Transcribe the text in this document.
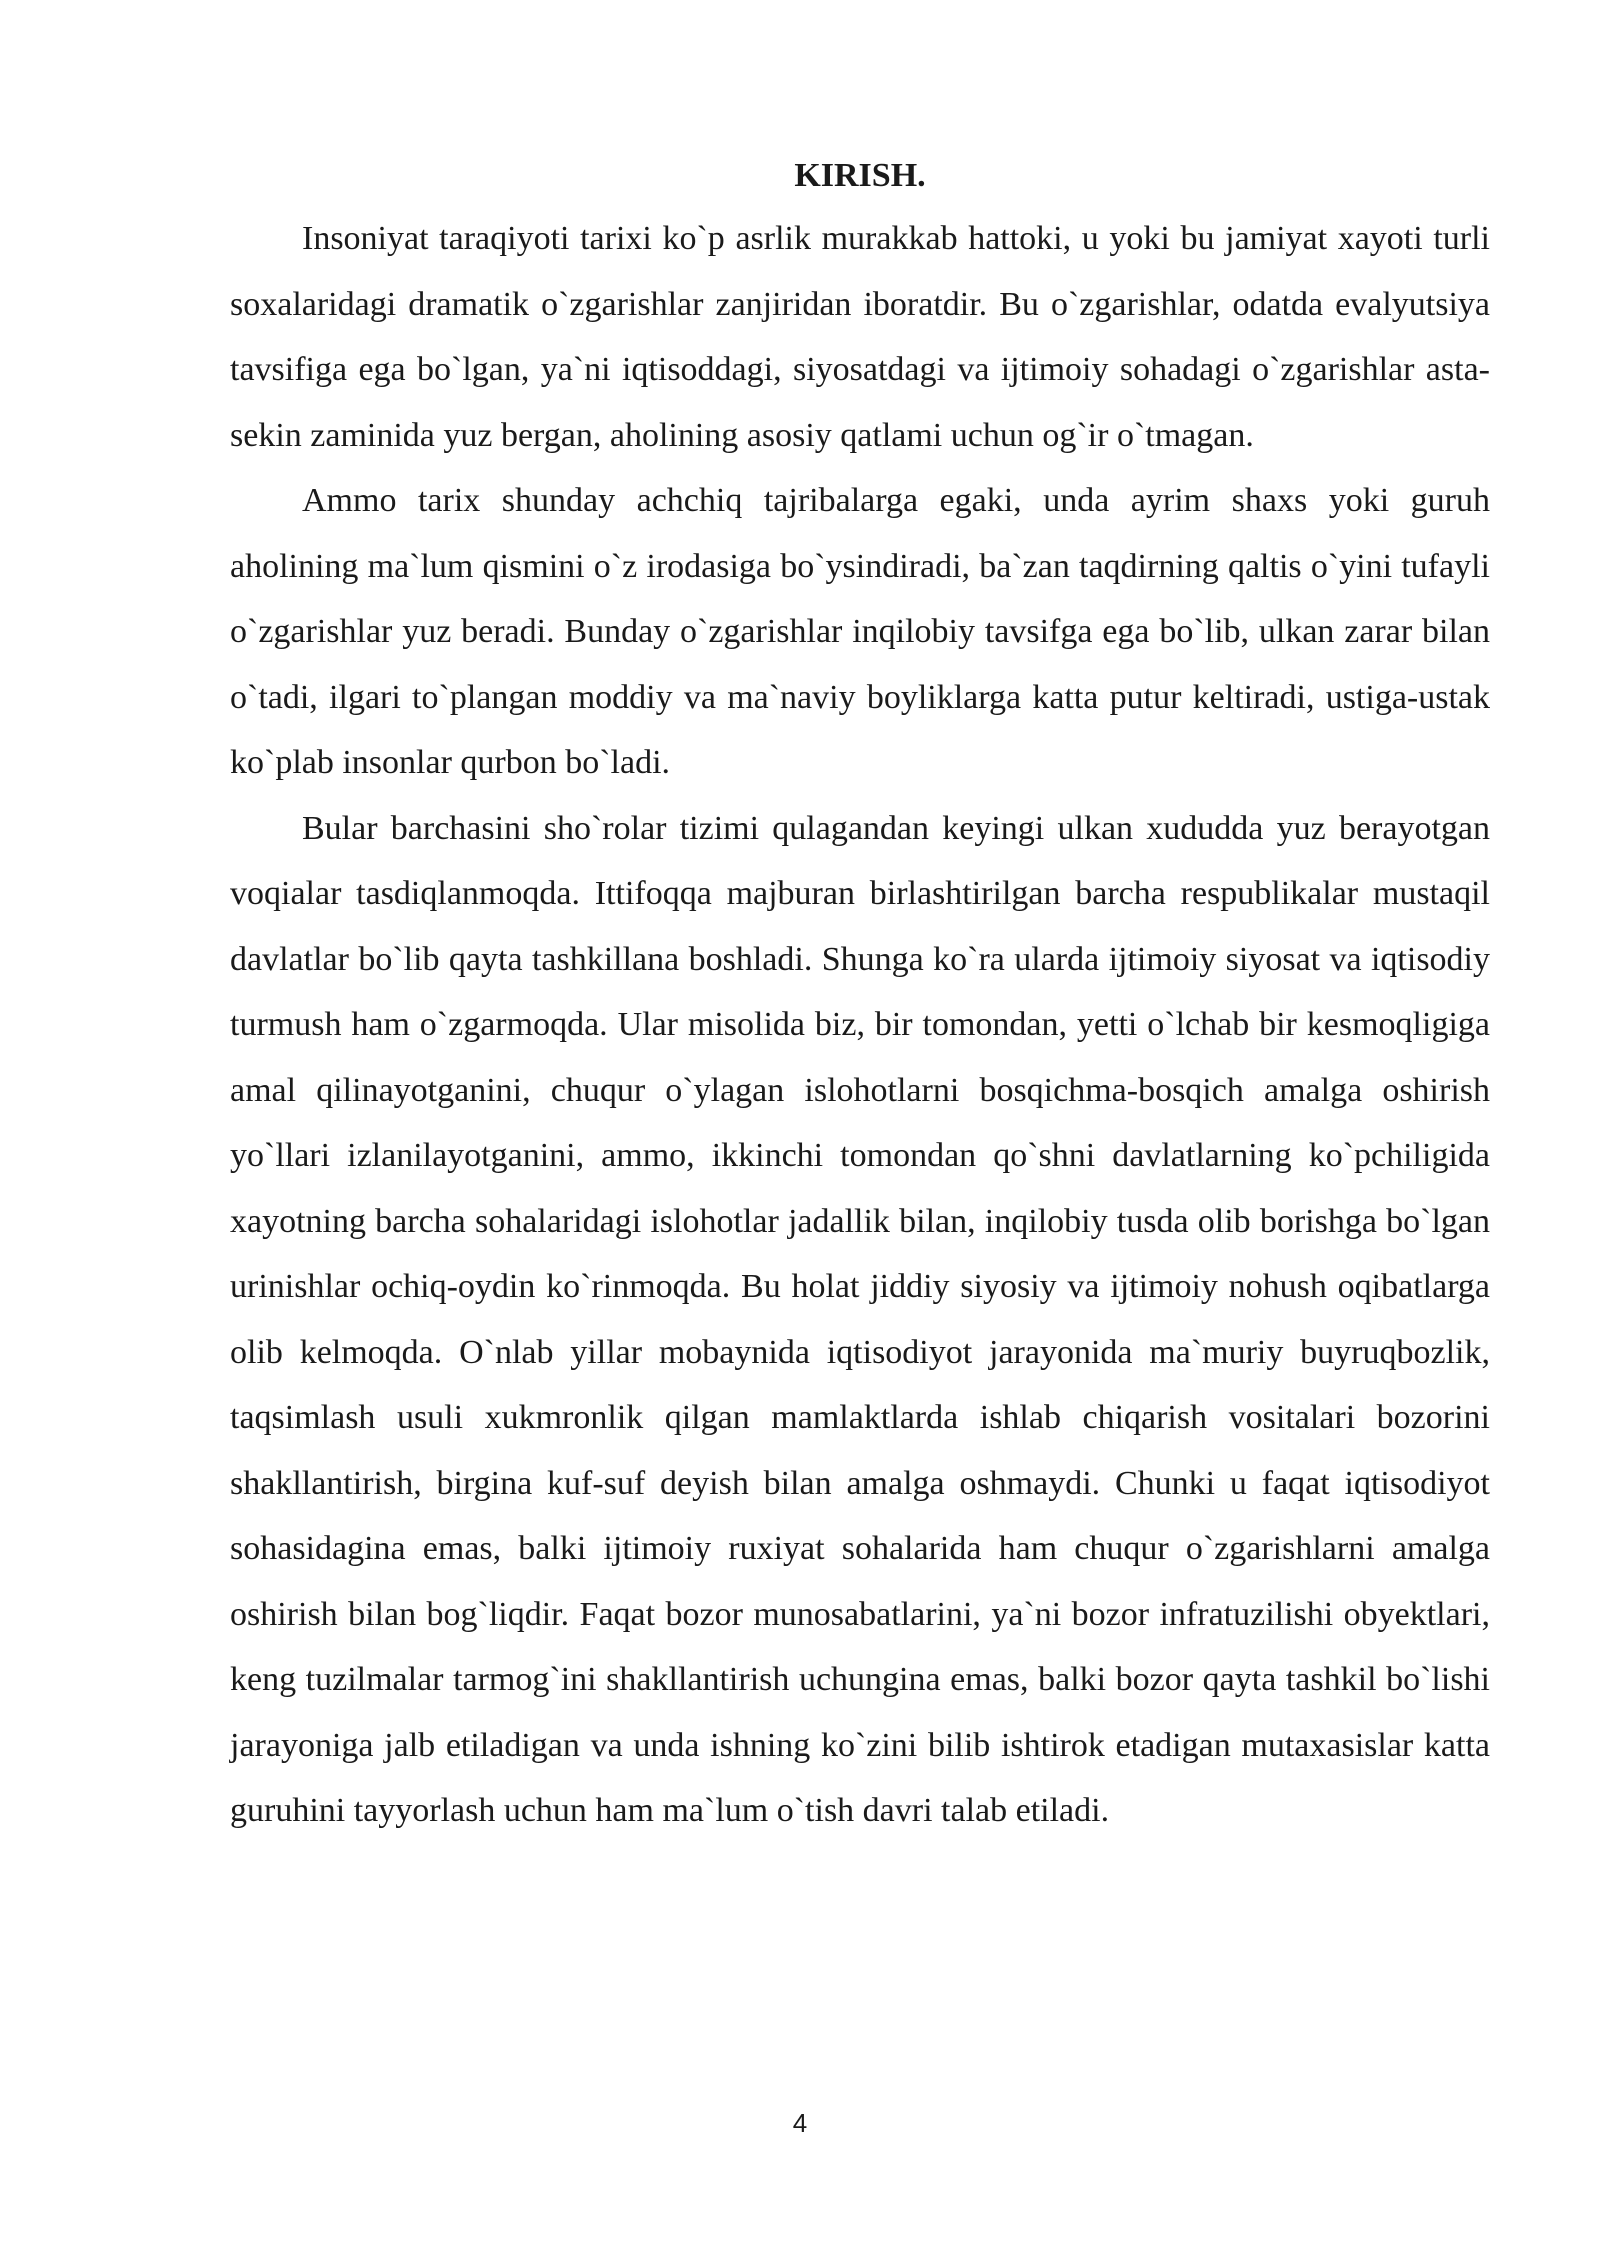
KIRISH.

Insoniyat taraqiyoti tarixi ko`p asrlik murakkab hattoki, u yoki bu jamiyat xayoti turli soxalaridagi dramatik o`zgarishlar zanjiridan iboratdir. Bu o`zgarishlar, odatda evalyutsiya tavsifiga ega bo`lgan, ya`ni iqtisoddagi, siyosatdagi va ijtimoiy sohadagi o`zgarishlar asta-sekin zaminida yuz bergan, aholining asosiy qatlami uchun og`ir o`tmagan.

Ammo tarix shunday achchiq tajribalarga egaki, unda ayrim shaxs yoki guruh aholining ma`lum qismini o`z irodasiga bo`ysindiradi, ba`zan taqdirning qaltis o`yini tufayli o`zgarishlar yuz beradi. Bunday o`zgarishlar inqilobiy tavsifga ega bo`lib, ulkan zarar bilan o`tadi, ilgari to`plangan moddiy va ma`naviy boyliklarga katta putur keltiradi, ustiga-ustak ko`plab insonlar qurbon bo`ladi.

Bular barchasini sho`rolar tizimi qulagandan keyingi ulkan xududda yuz berayotgan voqialar tasdiqlanmoqda. Ittifoqqa majburan birlashtirilgan barcha respublikalar mustaqil davlatlar bo`lib qayta tashkillana boshladi. Shunga ko`ra ularda ijtimoiy siyosat va iqtisodiy turmush ham o`zgarmoqda. Ular misolida biz, bir tomondan, yetti o`lchab bir kesmoqligiga amal qilinayotganini, chuqur o`ylagan islohotlarni bosqichma-bosqich amalga oshirish yo`llari izlanilayotganini, ammo, ikkinchi tomondan qo`shni davlatlarning ko`pchiligida xayotning barcha sohalaridagi islohotlar jadallik bilan, inqilobiy tusda olib borishga bo`lgan urinishlar ochiq-oydin ko`rinmoqda. Bu holat jiddiy siyosiy va ijtimoiy nohush oqibatlarga olib kelmoqda. O`nlab yillar mobaynida iqtisodiyot jarayonida ma`muriy buyruqbozlik, taqsimlash usuli xukmronlik qilgan mamlaktlarda ishlab chiqarish vositalari bozorini shakllantirish, birgina kuf-suf deyish bilan amalga oshmaydi. Chunki u faqat iqtisodiyot sohasidagina emas, balki ijtimoiy ruxiyat sohalarida ham chuqur o`zgarishlarni amalga oshirish bilan bog`liqdir. Faqat bozor munosabatlarini, ya`ni bozor infratuzilishi obyektlari, keng tuzilmalar tarmog`ini shakllantirish uchungina emas, balki bozor qayta tashkil bo`lishi jarayoniga jalb etiladigan va unda ishning ko`zini bilib ishtirok etadigan mutaxasislar katta guruhini tayyorlash uchun ham ma`lum o`tish davri talab etiladi.

4
